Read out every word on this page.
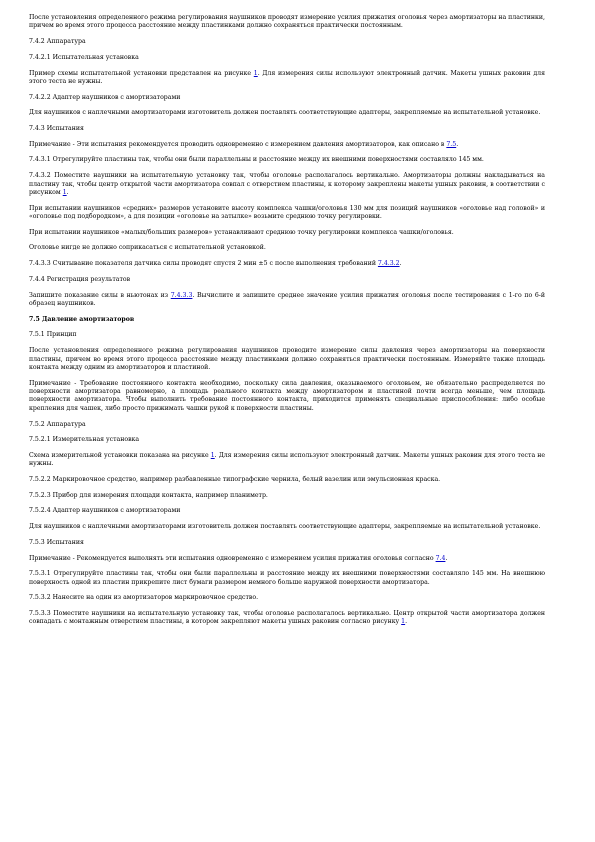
После установления определенного режима регулирования наушников проводят измерение усилия прижатия оголовья через амортизаторы на пластинки, причем во время этого процесса расстояние между пластинками должно сохраняться практически постоянным.
7.4.2 Аппаратура
7.4.2.1 Испытательная установка
Пример схемы испытательной установки представлен на рисунке 1. Для измерения силы используют электронный датчик. Макеты ушных раковин для этого теста не нужны.
7.4.2.2 Адаптер наушников с амортизаторами
Для наушников с наплечными амортизаторами изготовитель должен поставлять соответствующие адаптеры, закрепляемые на испытательной установке.
7.4.3 Испытания
Примечание - Эти испытания рекомендуется проводить одновременно с измерением давления амортизаторов, как описано в 7.5.
7.4.3.1 Отрегулируйте пластины так, чтобы они были параллельны и расстояние между их внешними поверхностями составляло 145 мм.
7.4.3.2 Поместите наушники на испытательную установку так, чтобы оголовье располагалось вертикально. Амортизаторы должны накладываться на пластину так, чтобы центр открытой части амортизатора совпал с отверстием пластины, к которому закреплены макеты ушных раковин, в соответствии с рисунком 1.
При испытании наушников «средних» размеров установите высоту комплекса чашки/оголовья 130 мм для позиций наушников «оголовье над головой» и «оголовье под подбородком», а для позиции «оголовье на затылке» возьмите среднюю точку регулировки.
При испытании наушников «малых/больших размеров» устанавливают среднюю точку регулировки комплекса чашки/оголовья.
Оголовье нигде не должно соприкасаться с испытательной установкой.
7.4.3.3 Считывание показателя датчика силы проводят спустя 2 мин ±5 с после выполнения требований 7.4.3.2.
7.4.4 Регистрация результатов
Запишите показание силы в ньютонах из 7.4.3.3. Вычислите и запишите среднее значение усилия прижатия оголовья после тестирования с 1-го по 6-й образец наушников.
7.5 Давление амортизаторов
7.5.1 Принцип
После установления определенного режима регулирования наушников проводите измерение силы давления через амортизаторы на поверхности пластины, причем во время этого процесса расстояние между пластинками должно сохраняться практически постоянным. Измеряйте также площадь контакта между одним из амортизаторов и пластиной.
Примечание - Требование постоянного контакта необходимо, поскольку сила давления, оказываемого оголовьем, не обязательно распределяется по поверхности амортизатора равномерно, а площадь реального контакта между амортизатором и пластиной почти всегда меньше, чем площадь поверхности амортизатора. Чтобы выполнить требование постоянного контакта, приходится применять специальные приспособления: либо особые крепления для чашек, либо просто прижимать чашки рукой к поверхности пластины.
7.5.2 Аппаратура
7.5.2.1 Измерительная установка
Схема измерительной установки показана на рисунке 1. Для измерения силы используют электронный датчик. Макеты ушных раковин для этого теста не нужны.
7.5.2.2 Маркировочное средство, например разбавленные типографские чернила, белый вазелин или эмульсионная краска.
7.5.2.3 Прибор для измерения площади контакта, например планиметр.
7.5.2.4 Адаптер наушников с амортизаторами
Для наушников с наплечными амортизаторами изготовитель должен поставлять соответствующие адаптеры, закрепляемые на испытательной установке.
7.5.3 Испытания
Примечание - Рекомендуется выполнять эти испытания одновременно с измерением усилия прижатия оголовья согласно 7.4.
7.5.3.1 Отрегулируйте пластины так, чтобы они были параллельны и расстояние между их внешними поверхностями составляло 145 мм. На внешнюю поверхность одной из пластин прикрепите лист бумаги размером немного больше наружной поверхности амортизатора.
7.5.3.2 Нанесите на один из амортизаторов маркировочное средство.
7.5.3.3 Поместите наушники на испытательную установку так, чтобы оголовье располагалось вертикально. Центр открытой части амортизатора должен совпадать с монтажным отверстием пластины, в котором закрепляют макеты ушных раковин согласно рисунку 1.
